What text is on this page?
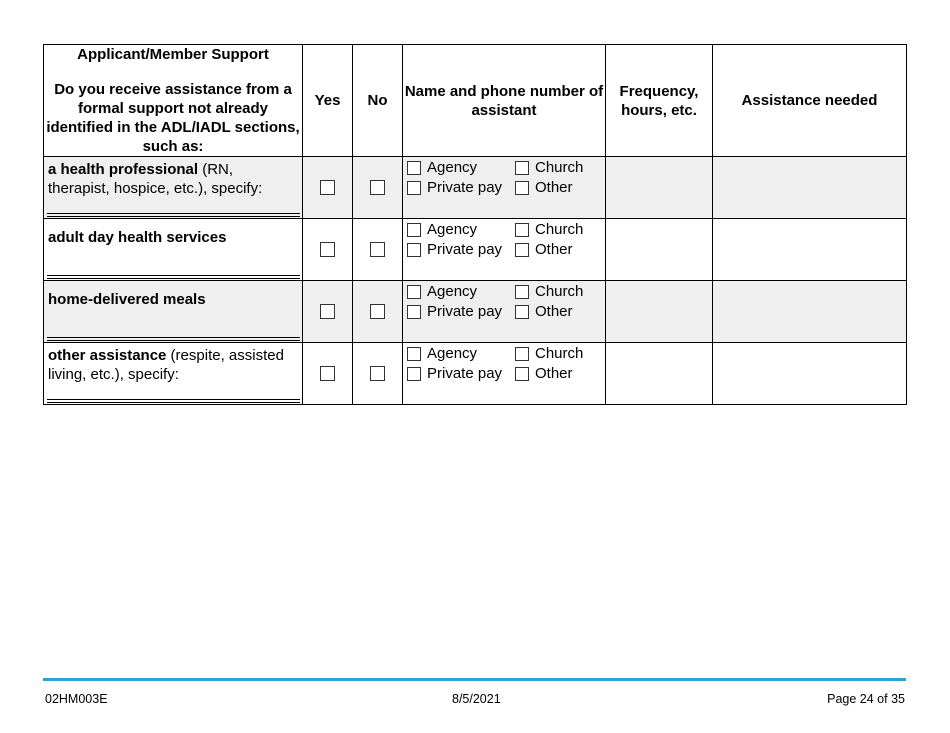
Applicant/Member Support
Do you receive assistance from a formal support not already identified in the ADL/IADL sections, such as:	Yes	No	Name and phone number of assistant	Frequency, hours, etc.	Assistance needed

a health professional (RN, therapist, hospice, etc.), specify:			Agency Church
Private pay Other		

adult day health services			Agency Church
Private pay Other		

home-delivered meals			Agency Church
Private pay Other		

other assistance (respite, assisted living, etc.), specify:			Agency Church
Private pay Other		

02HM003E	8/5/2021	Page 24 of 35
